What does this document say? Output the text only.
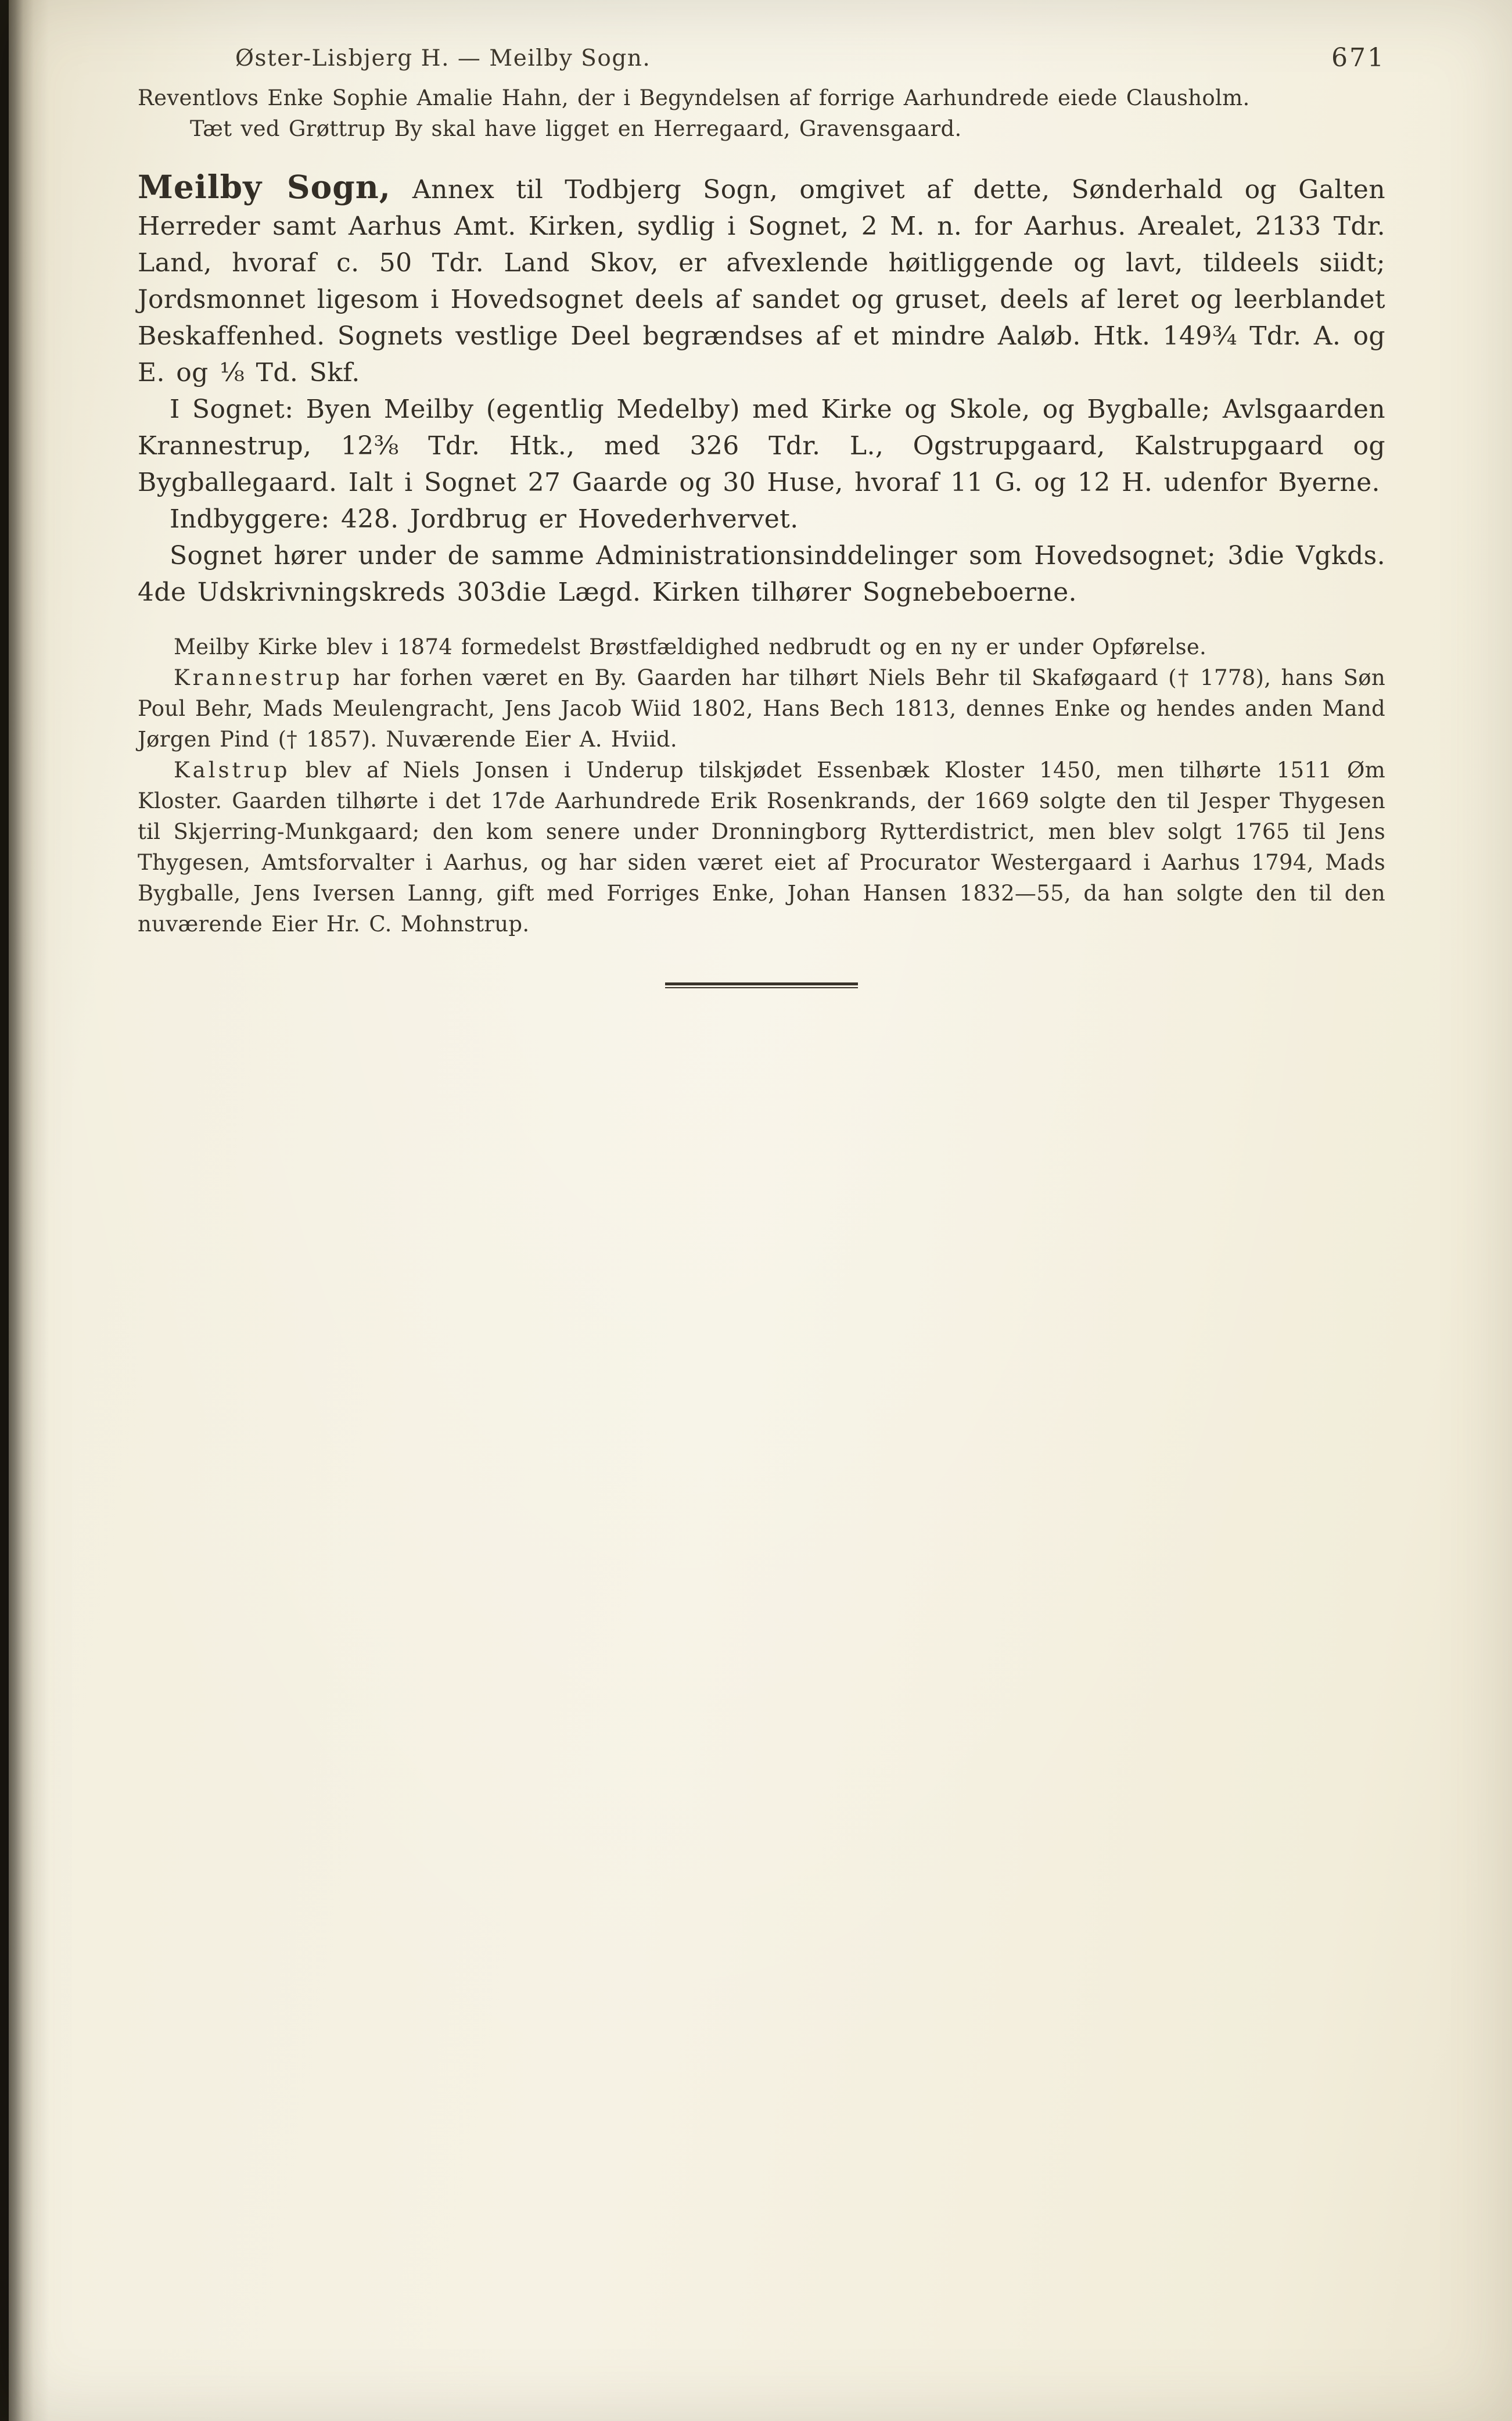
Øster-Lisbjerg H. — Meilby Sogn.	671

Reventlovs Enke Sophie Amalie Hahn, der i Begyndelsen af forrige Aarhundrede eiede Clausholm.

Tæt ved Grøttrup By skal have ligget en Herregaard, Gravensgaard.

Meilby Sogn, Annex til Todbjerg Sogn, omgivet af dette, Sønderhald og Galten Herreder samt Aarhus Amt. Kirken, sydlig i Sognet, 2 M. n. for Aarhus. Arealet, 2133 Tdr. Land, hvoraf c. 50 Tdr. Land Skov, er afvexlende høitliggende og lavt, tildeels siidt; Jordsmonnet ligesom i Hovedsognet deels af sandet og gruset, deels af leret og leerblandet Beskaffenhed. Sognets vestlige Deel begrændses af et mindre Aaløb. Htk. 149¾ Tdr. A. og E. og ⅛ Td. Skf.

I Sognet: Byen Meilby (egentlig Medelby) med Kirke og Skole, og Bygballe; Avlsgaarden Krannestrup, 12⅜ Tdr. Htk., med 326 Tdr. L., Ogstrupgaard, Kalstrupgaard og Bygballegaard. Ialt i Sognet 27 Gaarde og 30 Huse, hvoraf 11 G. og 12 H. udenfor Byerne.

Indbyggere: 428. Jordbrug er Hovederhvervet.

Sognet hører under de samme Administrationsinddelinger som Hovedsognet; 3die Vgkds. 4de Udskrivningskreds 303die Lægd. Kirken tilhører Sognebeboerne.

Meilby Kirke blev i 1874 formedelst Brøstfældighed nedbrudt og en ny er under Opførelse.

Krannestrup har forhen været en By. Gaarden har tilhørt Niels Behr til Skaføgaard († 1778), hans Søn Poul Behr, Mads Meulengracht, Jens Jacob Wiid 1802, Hans Bech 1813, dennes Enke og hendes anden Mand Jørgen Pind († 1857). Nuværende Eier A. Hviid.

Kalstrup blev af Niels Jonsen i Underup tilskjødet Essenbæk Kloster 1450, men tilhørte 1511 Øm Kloster. Gaarden tilhørte i det 17de Aarhundrede Erik Rosenkrands, der 1669 solgte den til Jesper Thygesen til Skjerring-Munkgaard; den kom senere under Dronningborg Rytterdistrict, men blev solgt 1765 til Jens Thygesen, Amtsforvalter i Aarhus, og har siden været eiet af Procurator Westergaard i Aarhus 1794, Mads Bygballe, Jens Iversen Lanng, gift med Forriges Enke, Johan Hansen 1832—55, da han solgte den til den nuværende Eier Hr. C. Mohnstrup.
